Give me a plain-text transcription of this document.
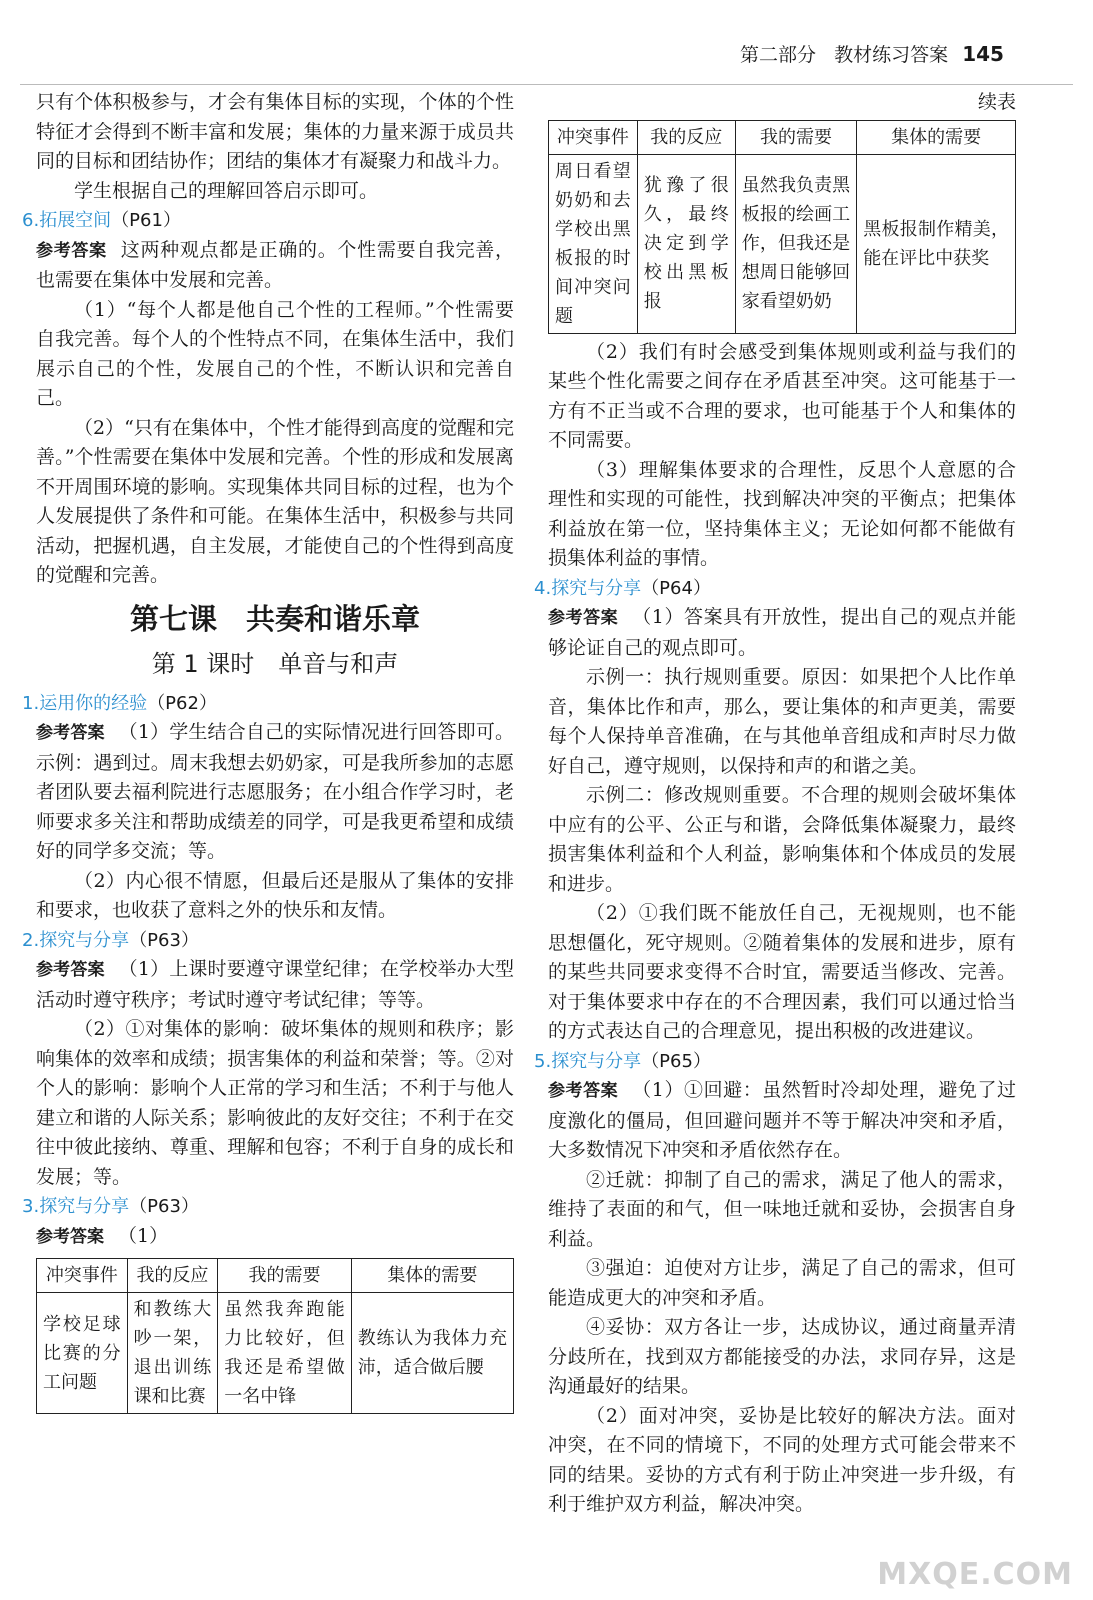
第二部分 教材练习答案 145

只有个体积极参与，才会有集体目标的实现，个体的个性特征才会得到不断丰富和发展；集体的力量来源于成员共同的目标和团结协作；团结的集体才有凝聚力和战斗力。

学生根据自己的理解回答启示即可。

6.拓展空间（P61）

参考答案 这两种观点都是正确的。个性需要自我完善，也需要在集体中发展和完善。

（1）“每个人都是他自己个性的工程师。”个性需要自我完善。每个人的个性特点不同，在集体生活中，我们展示自己的个性，发展自己的个性，不断认识和完善自己。

（2）“只有在集体中，个性才能得到高度的觉醒和完善。”个性需要在集体中发展和完善。个性的形成和发展离不开周围环境的影响。实现集体共同目标的过程，也为个人发展提供了条件和可能。在集体生活中，积极参与共同活动，把握机遇，自主发展，才能使自己的个性得到高度的觉醒和完善。

第七课　共奏和谐乐章
第 1 课时　单音与和声
1.运用你的经验（P62）

参考答案 （1）学生结合自己的实际情况进行回答即可。示例：遇到过。周末我想去奶奶家，可是我所参加的志愿者团队要去福利院进行志愿服务；在小组合作学习时，老师要求多关注和帮助成绩差的同学，可是我更希望和成绩好的同学多交流；等。

（2）内心很不情愿，但最后还是服从了集体的安排和要求，也收获了意料之外的快乐和友情。

2.探究与分享（P63）

参考答案 （1）上课时要遵守课堂纪律；在学校举办大型活动时遵守秩序；考试时遵守考试纪律；等等。

（2）①对集体的影响：破坏集体的规则和秩序；影响集体的效率和成绩；损害集体的利益和荣誉；等。②对个人的影响：影响个人正常的学习和生活；不利于与他人建立和谐的人际关系；影响彼此的友好交往；不利于在交往中彼此接纳、尊重、理解和包容；不利于自身的成长和发展；等。

3.探究与分享（P63）

参考答案 （1）

冲突事件	我的反应	我的需要	集体的需要
学校足球比赛的分工问题	和教练大吵一架，退出训练课和比赛	虽然我奔跑能力比较好，但我还是希望做一名中锋	教练认为我体力充沛，适合做后腰
续表
冲突事件	我的反应	我的需要	集体的需要
周日看望奶奶和去学校出黑板报的时间冲突问题	犹豫了很久，最终决定到学校出黑板报	虽然我负责黑板报的绘画工作，但我还是想周日能够回家看望奶奶	黑板报制作精美，能在评比中获奖

（2）我们有时会感受到集体规则或利益与我们的某些个性化需要之间存在矛盾甚至冲突。这可能基于一方有不正当或不合理的要求，也可能基于个人和集体的不同需要。

（3）理解集体要求的合理性，反思个人意愿的合理性和实现的可能性，找到解决冲突的平衡点；把集体利益放在第一位，坚持集体主义；无论如何都不能做有损集体利益的事情。

4.探究与分享（P64）

参考答案 （1）答案具有开放性，提出自己的观点并能够论证自己的观点即可。

示例一：执行规则重要。原因：如果把个人比作单音，集体比作和声，那么，要让集体的和声更美，需要每个人保持单音准确，在与其他单音组成和声时尽力做好自己，遵守规则，以保持和声的和谐之美。

示例二：修改规则重要。不合理的规则会破坏集体中应有的公平、公正与和谐，会降低集体凝聚力，最终损害集体利益和个人利益，影响集体和个体成员的发展和进步。

（2）①我们既不能放任自己，无视规则，也不能思想僵化，死守规则。②随着集体的发展和进步，原有的某些共同要求变得不合时宜，需要适当修改、完善。对于集体要求中存在的不合理因素，我们可以通过恰当的方式表达自己的合理意见，提出积极的改进建议。

5.探究与分享（P65）

参考答案 （1）①回避：虽然暂时冷却处理，避免了过度激化的僵局，但回避问题并不等于解决冲突和矛盾，大多数情况下冲突和矛盾依然存在。

②迁就：抑制了自己的需求，满足了他人的需求，维持了表面的和气，但一味地迁就和妥协，会损害自身利益。

③强迫：迫使对方让步，满足了自己的需求，但可能造成更大的冲突和矛盾。

④妥协：双方各让一步，达成协议，通过商量弄清分歧所在，找到双方都能接受的办法，求同存异，这是沟通最好的结果。

（2）面对冲突，妥协是比较好的解决方法。面对冲突，在不同的情境下，不同的处理方式可能会带来不同的结果。妥协的方式有利于防止冲突进一步升级，有利于维护双方利益，解决冲突。

MXQE.COM
